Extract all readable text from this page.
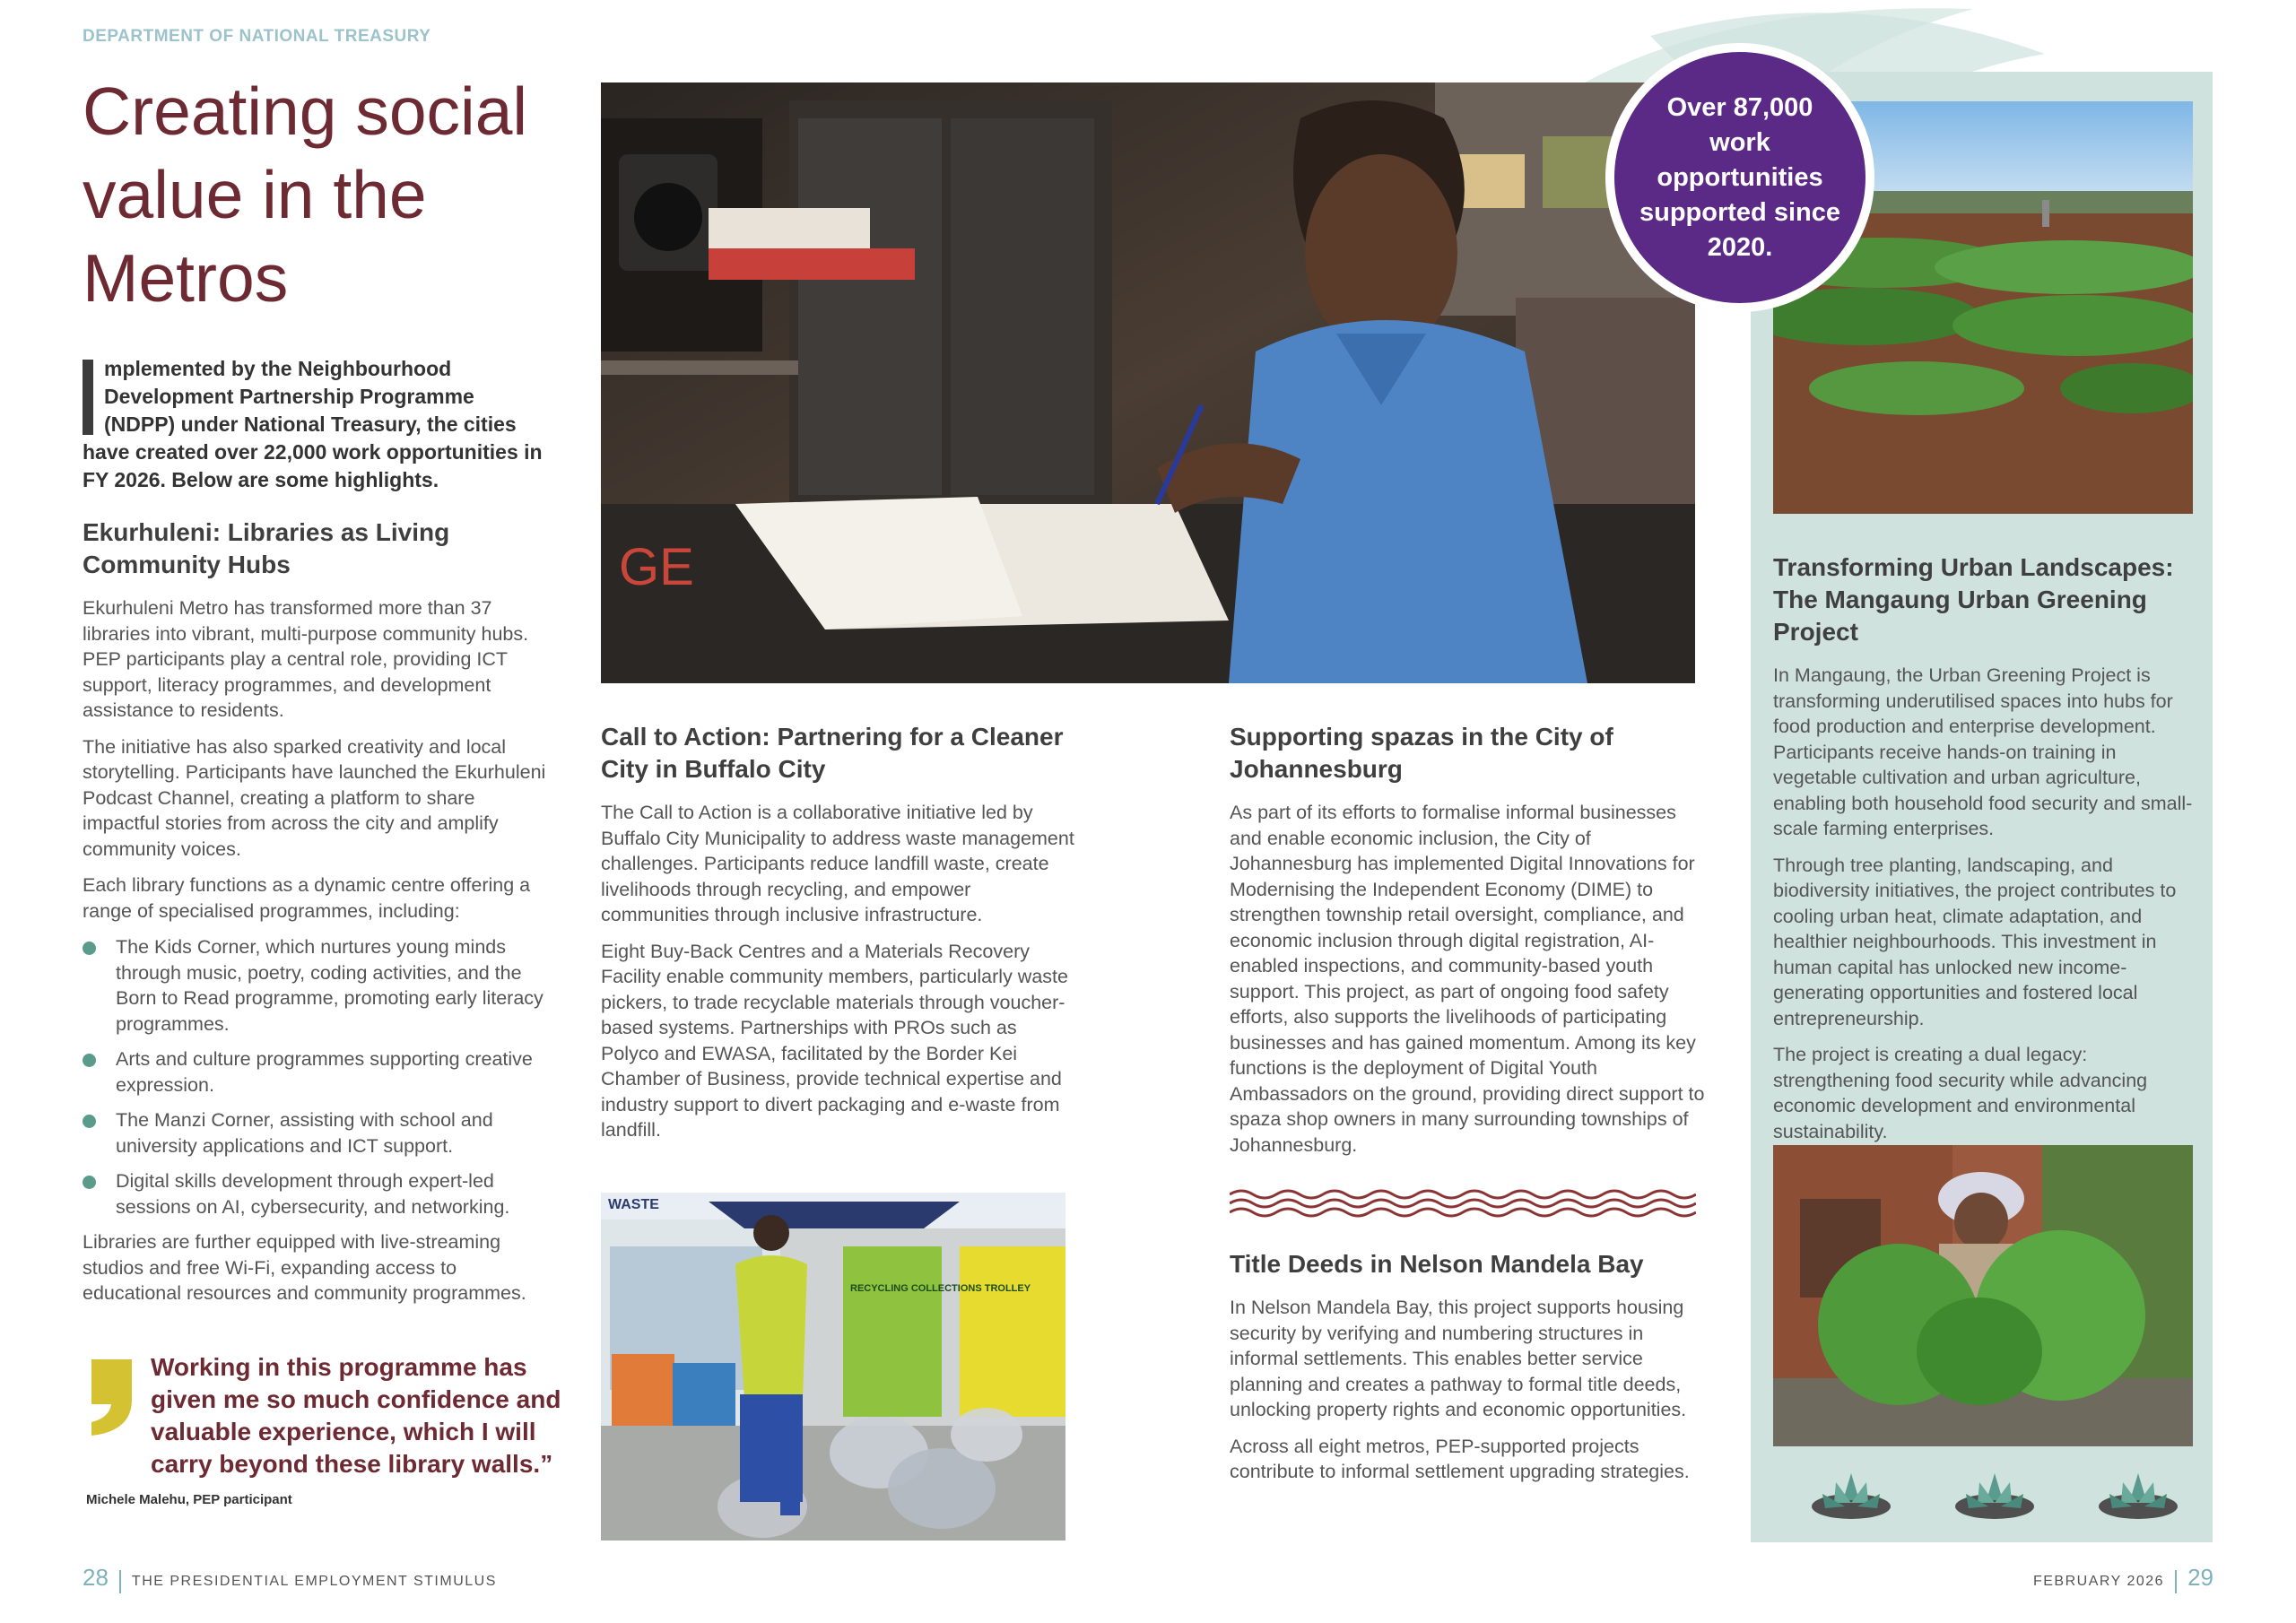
DEPARTMENT OF NATIONAL TREASURY
Creating social value in the Metros
mplemented by the Neighbourhood Development Partnership Programme (NDPP) under National Treasury, the cities have created over 22,000 work opportunities in FY 2026. Below are some highlights.
Ekurhuleni: Libraries as Living Community Hubs

Ekurhuleni Metro has transformed more than 37 libraries into vibrant, multi-purpose community hubs. PEP participants play a central role, providing ICT support, literacy programmes, and development assistance to residents.

The initiative has also sparked creativity and local storytelling. Participants have launched the Ekurhuleni Podcast Channel, creating a platform to share impactful stories from across the city and amplify community voices.

Each library functions as a dynamic centre offering a range of specialised programmes, including:

The Kids Corner, which nurtures young minds through music, poetry, coding activities, and the Born to Read programme, promoting early literacy programmes.
Arts and culture programmes supporting creative expression.
The Manzi Corner, assisting with school and university applications and ICT support.
Digital skills development through expert-led sessions on AI, cybersecurity, and networking.

Libraries are further equipped with live-streaming studios and free Wi-Fi, expanding access to educational resources and community programmes.

Working in this programme has given me so much confidence and valuable experience, which I will carry beyond these library walls.”
Michele Malehu, PEP participant
GE
Call to Action: Partnering for a Cleaner City in Buffalo City

The Call to Action is a collaborative initiative led by Buffalo City Municipality to address waste management challenges. Participants reduce landfill waste, create livelihoods through recycling, and empower communities through inclusive infrastructure.

Eight Buy-Back Centres and a Materials Recovery Facility enable community members, particularly waste pickers, to trade recyclable materials through voucher-based systems. Partnerships with PROs such as Polyco and EWASA, facilitated by the Border Kei Chamber of Business, provide technical expertise and industry support to divert packaging and e-waste from landfill.

WASTE
RECYCLING COLLECTIONS TROLLEY
Supporting spazas in the City of Johannesburg

As part of its efforts to formalise informal businesses and enable economic inclusion, the City of Johannesburg has implemented Digital Innovations for Modernising the Independent Economy (DIME) to strengthen township retail oversight, compliance, and economic inclusion through digital registration, AI-enabled inspections, and community-based youth support. This project, as part of ongoing food safety efforts, also supports the livelihoods of participating businesses and has gained momentum. Among its key functions is the deployment of Digital Youth Ambassadors on the ground, providing direct support to spaza shop owners in many surrounding townships of Johannesburg.

Title Deeds in Nelson Mandela Bay

In Nelson Mandela Bay, this project supports housing security by verifying and numbering structures in informal settlements. This enables better service planning and creates a pathway to formal title deeds, unlocking property rights and economic opportunities.

Across all eight metros, PEP-supported projects contribute to informal settlement upgrading strategies.

Over 87,000 work opportunities supported since 2020.
Transforming Urban Landscapes: The Mangaung Urban Greening Project

In Mangaung, the Urban Greening Project is transforming underutilised spaces into hubs for food production and enterprise development. Participants receive hands-on training in vegetable cultivation and urban agriculture, enabling both household food security and small-scale farming enterprises.

Through tree planting, landscaping, and biodiversity initiatives, the project contributes to cooling urban heat, climate adaptation, and healthier neighbourhoods. This investment in human capital has unlocked new income-generating opportunities and fostered local entrepreneurship.

The project is creating a dual legacy: strengthening food security while advancing economic development and environmental sustainability.

28 THE PRESIDENTIAL EMPLOYMENT STIMULUS	FEBRUARY 2026 29
